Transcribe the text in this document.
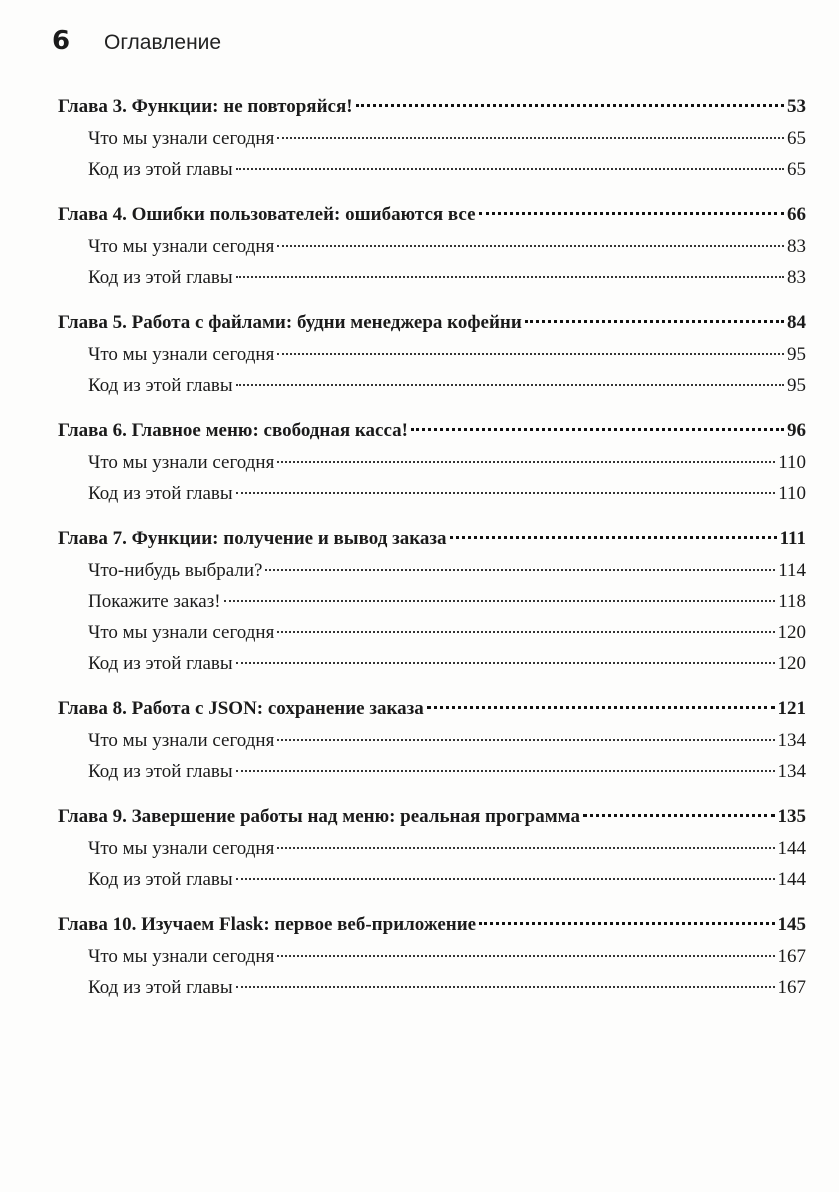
6	Оглавление
Глава 3. Функции: не повторяйся!	53
Что мы узнали сегодня	65
Код из этой главы	65
Глава 4. Ошибки пользователей: ошибаются все	66
Что мы узнали сегодня	83
Код из этой главы	83
Глава 5. Работа с файлами: будни менеджера кофейни	84
Что мы узнали сегодня	95
Код из этой главы	95
Глава 6. Главное меню: свободная касса!	96
Что мы узнали сегодня	110
Код из этой главы	110
Глава 7. Функции: получение и вывод заказа	111
Что-нибудь выбрали?	114
Покажите заказ!	118
Что мы узнали сегодня	120
Код из этой главы	120
Глава 8. Работа с JSON: сохранение заказа	121
Что мы узнали сегодня	134
Код из этой главы	134
Глава 9. Завершение работы над меню: реальная программа	135
Что мы узнали сегодня	144
Код из этой главы	144
Глава 10. Изучаем Flask: первое веб-приложение	145
Что мы узнали сегодня	167
Код из этой главы	167
